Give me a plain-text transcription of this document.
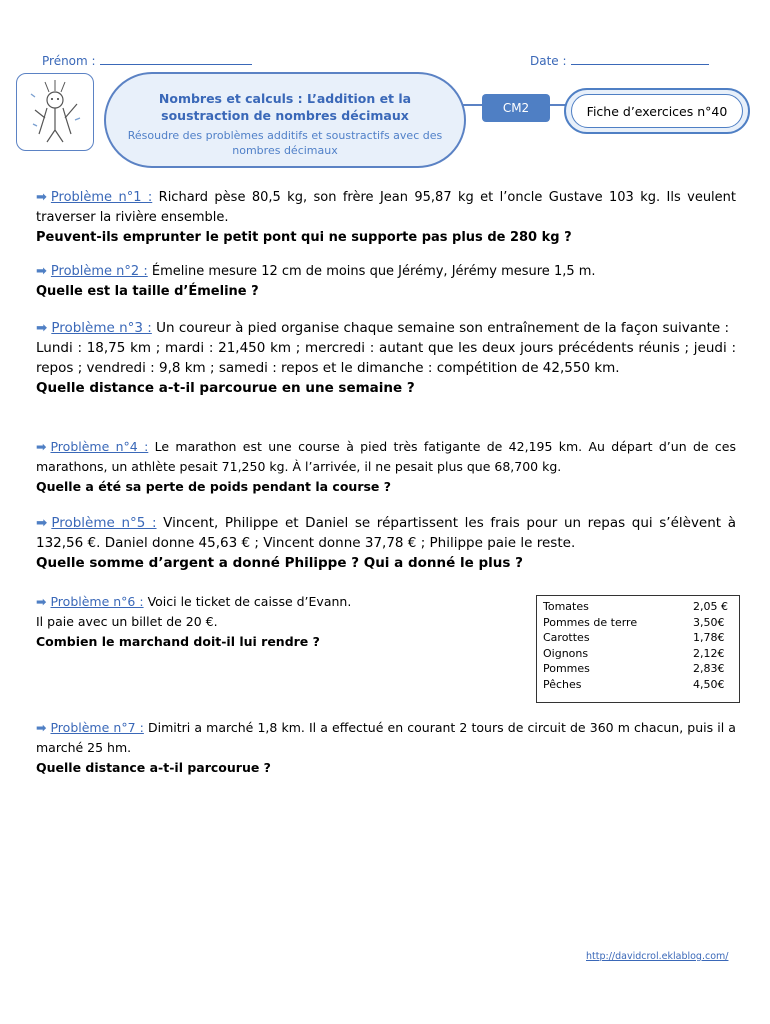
Prénom :	Date :
Nombres et calculs : L’addition et la soustraction de nombres décimaux
Résoudre des problèmes additifs et soustractifs avec des nombres décimaux
CM2	Fiche d’exercices n°40
➡ Problème n°1 : Richard pèse 80,5 kg, son frère Jean 95,87 kg et l’oncle Gustave 103 kg. Ils veulent traverser la rivière ensemble.
Peuvent-ils emprunter le petit pont qui ne supporte pas plus de 280 kg ?
➡ Problème n°2 : Émeline mesure 12 cm de moins que Jérémy, Jérémy mesure 1,5 m.
Quelle est la taille d’Émeline ?
➡ Problème n°3 : Un coureur à pied organise chaque semaine son entraînement de la façon suivante :
Lundi : 18,75 km ; mardi : 21,450 km ; mercredi : autant que les deux jours précédents réunis ; jeudi : repos ; vendredi : 9,8 km ; samedi : repos et le dimanche : compétition de 42,550 km.
Quelle distance a-t-il parcourue en une semaine ?
➡ Problème n°4 : Le marathon est une course à pied très fatigante de 42,195 km. Au départ d’un de ces marathons, un athlète pesait 71,250 kg. À l’arrivée, il ne pesait plus que 68,700 kg.
Quelle a été sa perte de poids pendant la course ?
➡ Problème n°5 : Vincent, Philippe et Daniel se répartissent les frais pour un repas qui s’élèvent à 132,56 €. Daniel donne 45,63 € ; Vincent donne 37,78 € ; Philippe paie le reste.
Quelle somme d’argent a donné Philippe ? Qui a donné le plus ?
➡ Problème n°6 : Voici le ticket de caisse d’Evann.
Il paie avec un billet de 20 €.
Combien le marchand doit-il lui rendre ?
Tomates	2,05 €
Pommes de terre	3,50€
Carottes	1,78€
Oignons	2,12€
Pommes	2,83€
Pêches	4,50€
➡ Problème n°7 : Dimitri a marché 1,8 km. Il a effectué en courant 2 tours de circuit de 360 m chacun, puis il a marché 25 hm.
Quelle distance a-t-il parcourue ?
http://davidcrol.eklablog.com/
